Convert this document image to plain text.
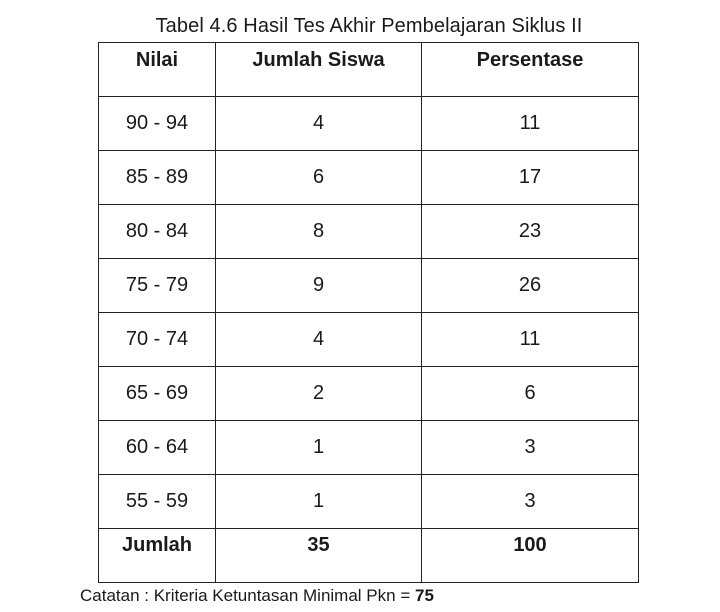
Tabel 4.6 Hasil Tes Akhir Pembelajaran Siklus II
Nilai	Jumlah Siswa	Persentase
90 - 94	4	11
85 - 89	6	17
80 - 84	8	23
75 - 79	9	26
70 - 74	4	11
65 - 69	2	6
60 - 64	1	3
55 - 59	1	3
Jumlah	35	100
Catatan : Kriteria Ketuntasan Minimal Pkn = 75
